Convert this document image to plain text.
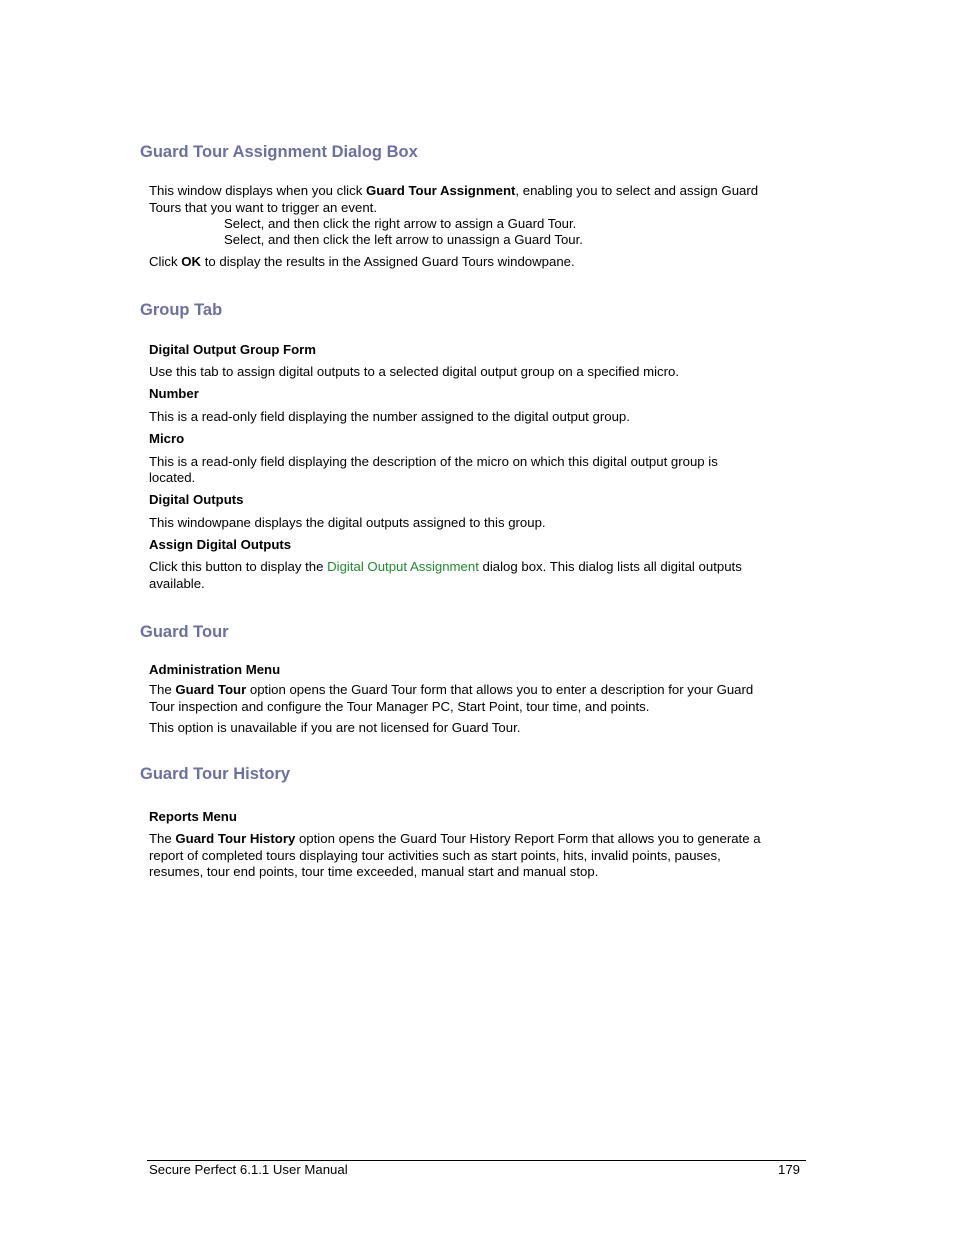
Guard Tour Assignment Dialog Box
This window displays when you click Guard Tour Assignment, enabling you to select and assign Guard
Tours that you want to trigger an event.
Select, and then click the right arrow to assign a Guard Tour.
Select, and then click the left arrow to unassign a Guard Tour.
Click OK to display the results in the Assigned Guard Tours windowpane.
Group Tab
Digital Output Group Form
Use this tab to assign digital outputs to a selected digital output group on a specified micro.
Number
This is a read-only field displaying the number assigned to the digital output group.
Micro
This is a read-only field displaying the description of the micro on which this digital output group is
located.
Digital Outputs
This windowpane displays the digital outputs assigned to this group.
Assign Digital Outputs
Click this button to display the Digital Output Assignment dialog box. This dialog lists all digital outputs
available.
Guard Tour
Administration Menu
The Guard Tour option opens the Guard Tour form that allows you to enter a description for your Guard
Tour inspection and configure the Tour Manager PC, Start Point, tour time, and points.
This option is unavailable if you are not licensed for Guard Tour.
Guard Tour History
Reports Menu
The Guard Tour History option opens the Guard Tour History Report Form that allows you to generate a
report of completed tours displaying tour activities such as start points, hits, invalid points, pauses,
resumes, tour end points, tour time exceeded, manual start and manual stop.
Secure Perfect 6.1.1 User Manual	179
